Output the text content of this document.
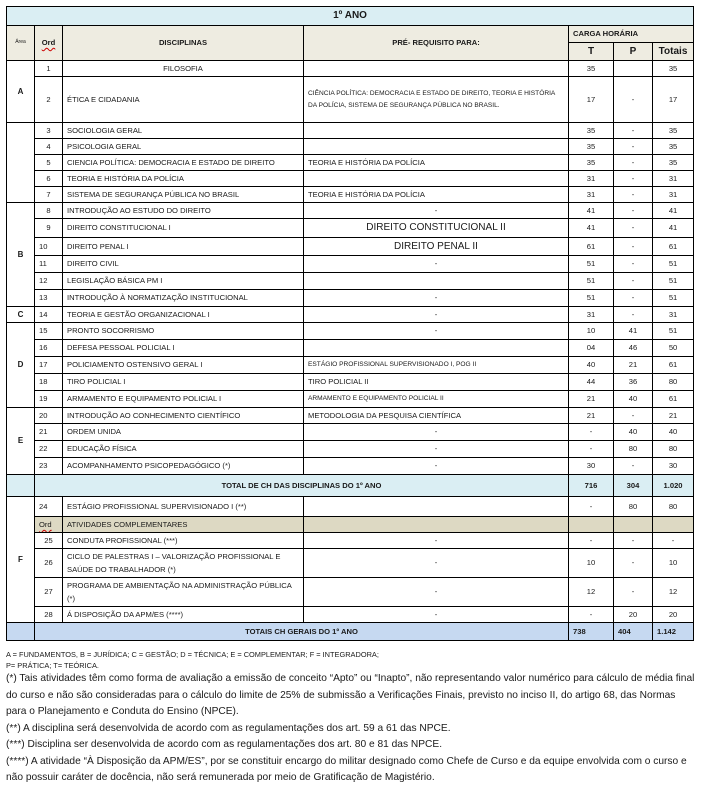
1º ANO						
Área	Ord	DISCIPLINAS	PRÉ- REQUISITO PARA:	CARGA HORÁRIA		
				T	P	Totais
A	1	FILOSOFIA		35		35
	2	ÉTICA E CIDADANIA	CIÊNCIA POLÍTICA: DEMOCRACIA E ESTADO DE DIREITO, TEORIA E HISTÓRIA DA POLÍCIA, SISTEMA DE SEGURANÇA PÚBLICA NO BRASIL.	17	-	17
	3	SOCIOLOGIA GERAL		35	-	35
	4	PSICOLOGIA GERAL		35	-	35
	5	CIENCIA POLÍTICA: DEMOCRACIA E ESTADO DE DIREITO	TEORIA E HISTÓRIA DA POLÍCIA	35	-	35
	6	TEORIA E HISTÓRIA DA POLÍCIA		31	-	31
	7	SISTEMA DE SEGURANÇA PÚBLICA NO BRASIL	TEORIA E HISTÓRIA DA POLÍCIA	31	-	31
B	8	INTRODUÇÃO AO ESTUDO DO DIREITO	-	41	-	41
	9	DIREITO CONSTITUCIONAL I	DIREITO CONSTITUCIONAL II	41	-	41
	10	DIREITO PENAL I	DIREITO PENAL II	61	-	61
	11	DIREITO CIVIL	-	51	-	51
	12	LEGISLAÇÃO BÁSICA PM I		51	-	51
	13	INTRODUÇÃO À NORMATIZAÇÃO INSTITUCIONAL	-	51	-	51
C	14	TEORIA E GESTÃO ORGANIZACIONAL I	-	31	-	31
D	15	PRONTO SOCORRISMO	-	10	41	51
	16	DEFESA PESSOAL POLICIAL I		04	46	50
	17	POLICIAMENTO OSTENSIVO GERAL I	ESTÁGIO PROFISSIONAL SUPERVISIONADO I, POG II	40	21	61
	18	TIRO POLICIAL I	TIRO POLICIAL II	44	36	80
	19	ARMAMENTO E EQUIPAMENTO POLICIAL I	ARMAMENTO E EQUIPAMENTO POLICIAL II	21	40	61
E	20	INTRODUÇÃO AO CONHECIMENTO CIENTÍFICO	METODOLOGIA DA PESQUISA CIENTÍFICA	21	-	21
	21	ORDEM UNIDA	-	-	40	40
	22	EDUCAÇÃO FÍSICA	-	-	80	80
	23	ACOMPANHAMENTO PSICOPEDAGÓGICO (*)	-	30	-	30
	TOTAL DE CH DAS DISCIPLINAS DO 1º ANO			716	304	1.020
F	24	ESTÁGIO PROFISSIONAL SUPERVISIONADO I (**)		-	80	80
	Ord	ATIVIDADES COMPLEMENTARES				
	25	CONDUTA PROFISSIONAL (***)	-	-	-	-
	26	CICLO DE PALESTRAS I – VALORIZAÇÃO PROFISSIONAL E SAÚDE DO TRABALHADOR (*)	-	10	-	10
	27	PROGRAMA DE AMBIENTAÇÃO NA ADMINISTRAÇÃO PÚBLICA (*)	-	12	-	12
	28	Á DISPOSIÇÃO DA APM/ES (****)	-	-	20	20
	TOTAIS CH GERAIS DO 1º ANO			738	404	1.142
A = FUNDAMENTOS, B = JURÍDICA; C = GESTÃO; D = TÉCNICA; E = COMPLEMENTAR; F = INTEGRADORA;
P= PRÁTICA; T= TEÓRICA.
(*) Tais atividades têm como forma de avaliação a emissão de conceito “Apto” ou “Inapto”, não representando valor numérico para cálculo de média final do curso e não são consideradas para o cálculo do limite de 25% de submissão a Verificações Finais, previsto no inciso II, do artigo 68, das Normas para o Planejamento e Conduta do Ensino (NPCE).
(**) A disciplina será desenvolvida de acordo com as regulamentações dos art. 59 a 61 das NPCE.
(***) Disciplina ser desenvolvida de acordo com as regulamentações dos art. 80 e 81 das NPCE.
(****) A atividade “À Disposição da APM/ES”, por se constituir encargo do militar designado como Chefe de Curso e da equipe envolvida com o curso e não possuir caráter de docência, não será remunerada por meio de Gratificação de Magistério.
